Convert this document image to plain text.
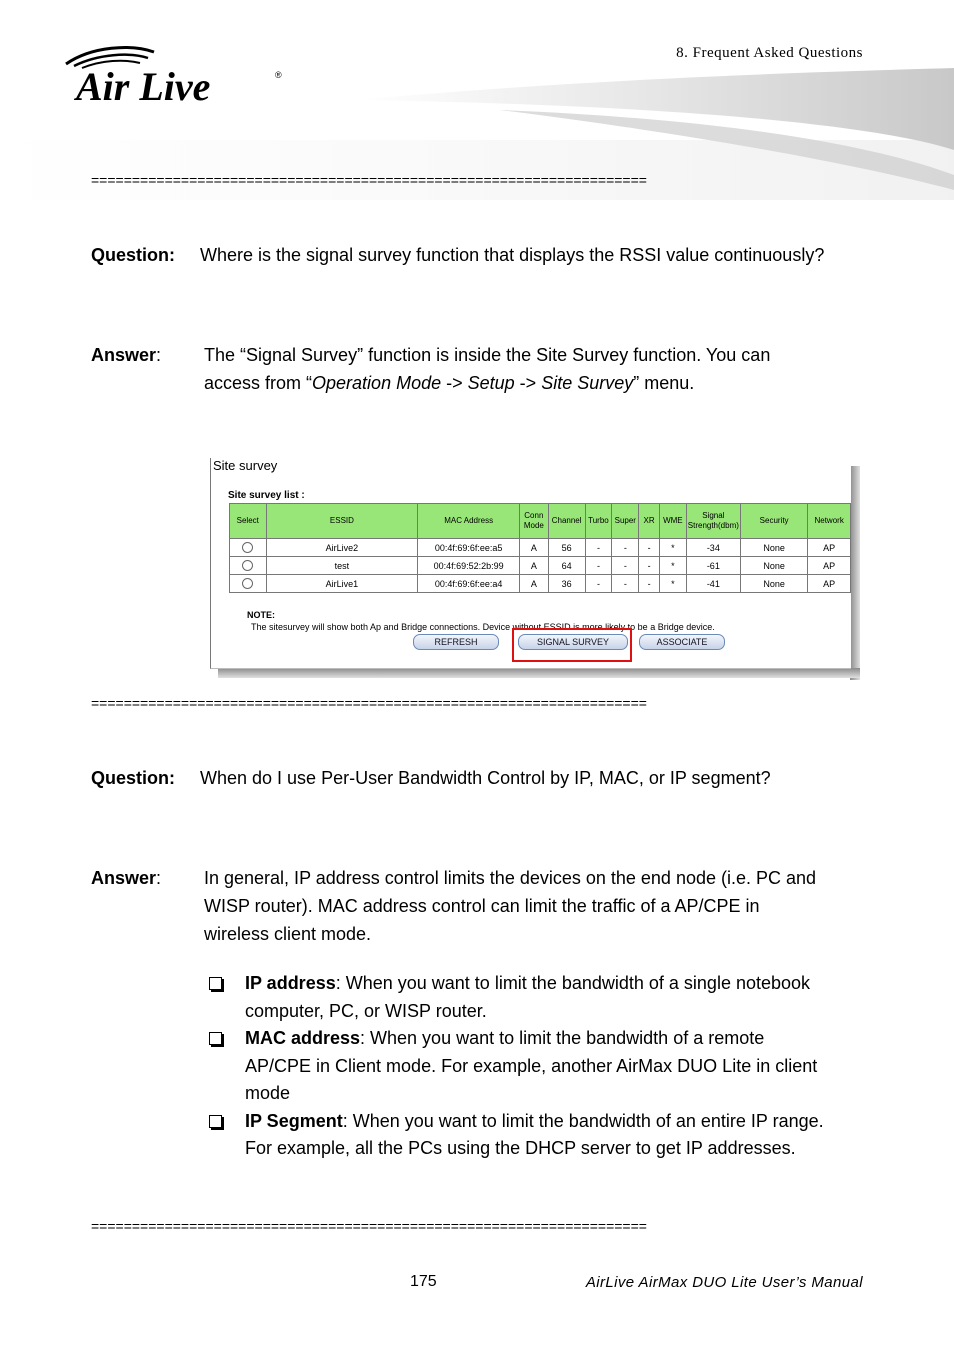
Air Live	®
8. Frequent Asked Questions
====================================================================
Question: Where is the signal survey function that displays the RSSI value continuously?
Answer: The “Signal Survey” function is inside the Site Survey function. You can
access from “Operation Mode -> Setup -> Site Survey” menu.
Site survey
Site survey list :
Select	ESSID	MAC Address	Conn Mode	Channel	Turbo	Super	XR	WME	Signal Strength(dbm)	Security	Network
	AirLive2	00:4f:69:6f:ee:a5	A	56	-	-	-	*	-34	None	AP
	test	00:4f:69:52:2b:99	A	64	-	-	-	*	-61	None	AP
	AirLive1	00:4f:69:6f:ee:a4	A	36	-	-	-	*	-41	None	AP
NOTE:
The sitesurvey will show both Ap and Bridge connections. Device without ESSID is more likely to be a Bridge device.
REFRESH	SIGNAL SURVEY	ASSOCIATE
====================================================================
Question: When do I use Per-User Bandwidth Control by IP, MAC, or IP segment?
Answer: In general, IP address control limits the devices on the end node (i.e. PC and
WISP router). MAC address control can limit the traffic of a AP/CPE in
wireless client mode.
IP address: When you want to limit the bandwidth of a single notebook
computer, PC, or WISP router.
MAC address: When you want to limit the bandwidth of a remote
AP/CPE in Client mode. For example, another AirMax DUO Lite in client
mode
IP Segment: When you want to limit the bandwidth of an entire IP range.
For example, all the PCs using the DHCP server to get IP addresses.
====================================================================
175	AirLive AirMax DUO Lite User’s Manual
